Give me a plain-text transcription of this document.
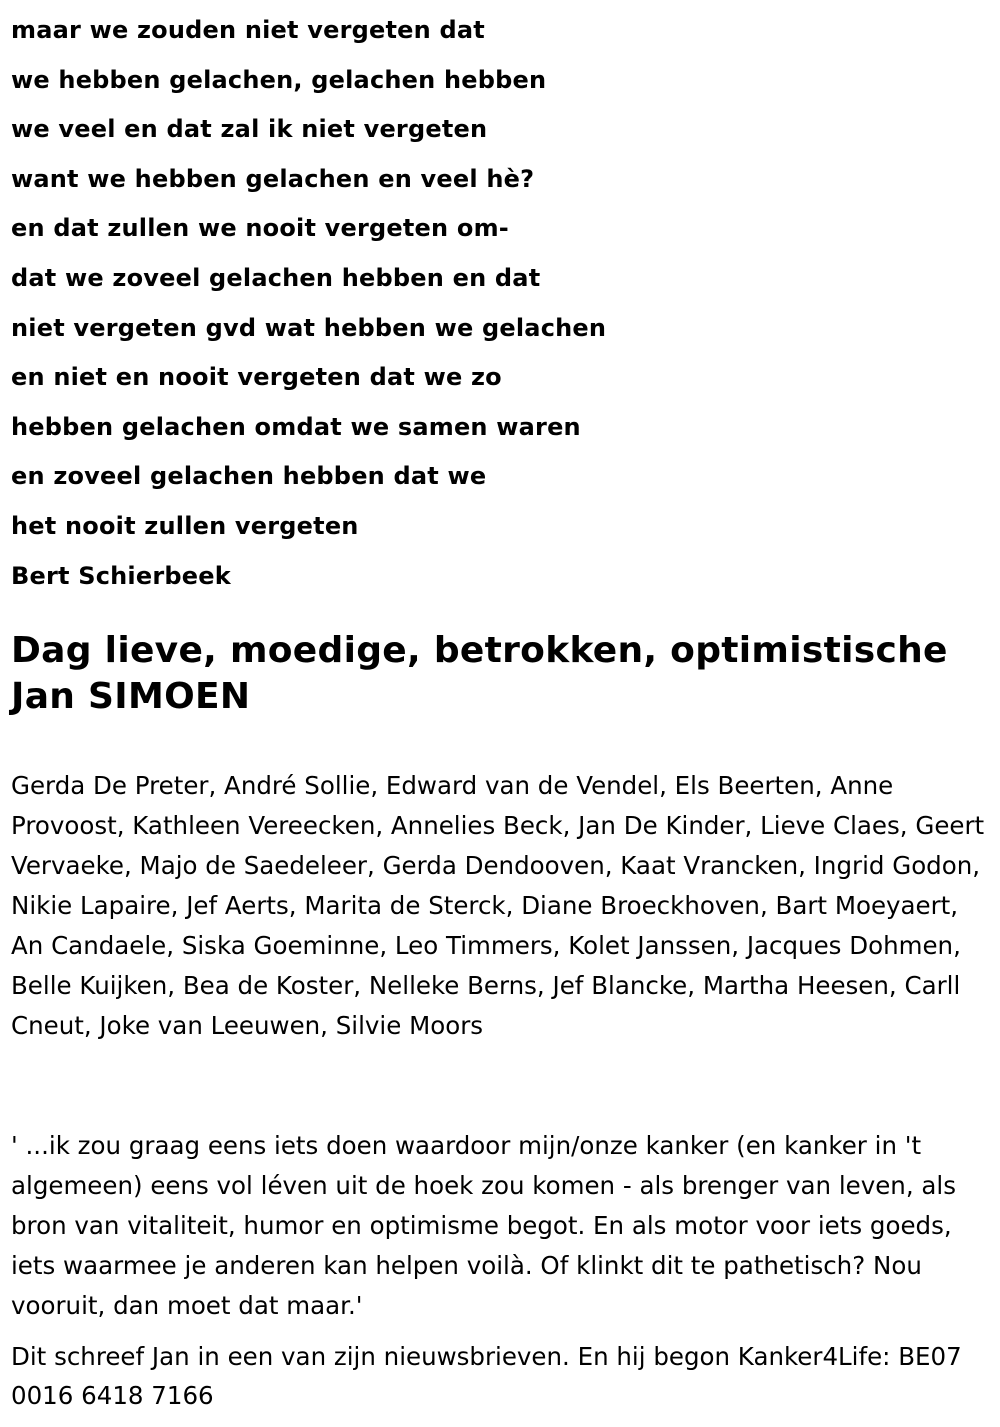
maar we zouden niet vergeten dat
we hebben gelachen, gelachen hebben
we veel en dat zal ik niet vergeten
want we hebben gelachen en veel hè?
en dat zullen we nooit vergeten om-
dat we zoveel gelachen hebben en dat
niet vergeten gvd wat hebben we gelachen
en niet en nooit vergeten dat we zo
hebben gelachen omdat we samen waren
en zoveel gelachen hebben dat we
het nooit zullen vergeten
Bert Schierbeek
Dag lieve, moedige, betrokken, optimistische Jan SIMOEN

Gerda De Preter, André Sollie, Edward van de Vendel, Els Beerten, Anne Provoost, Kathleen Vereecken, Annelies Beck, Jan De Kinder, Lieve Claes, Geert Vervaeke, Majo de Saedeleer, Gerda Dendooven, Kaat Vrancken, Ingrid Godon, Nikie Lapaire, Jef Aerts, Marita de Sterck, Diane Broeckhoven, Bart Moeyaert, An Candaele, Siska Goeminne, Leo Timmers, Kolet Janssen, Jacques Dohmen, Belle Kuijken, Bea de Koster, Nelleke Berns, Jef Blancke, Martha Heesen, Carll Cneut, Joke van Leeuwen, Silvie Moors

' ...ik zou graag eens iets doen waardoor mijn/onze kanker (en kanker in 't algemeen) eens vol léven uit de hoek zou komen - als brenger van leven, als bron van vitaliteit, humor en optimisme begot. En als motor voor iets goeds, iets waarmee je anderen kan helpen voilà. Of klinkt dit te pathetisch? Nou vooruit, dan moet dat maar.'

Dit schreef Jan in een van zijn nieuwsbrieven. En hij begon Kanker4Life: BE07 0016 6418 7166
